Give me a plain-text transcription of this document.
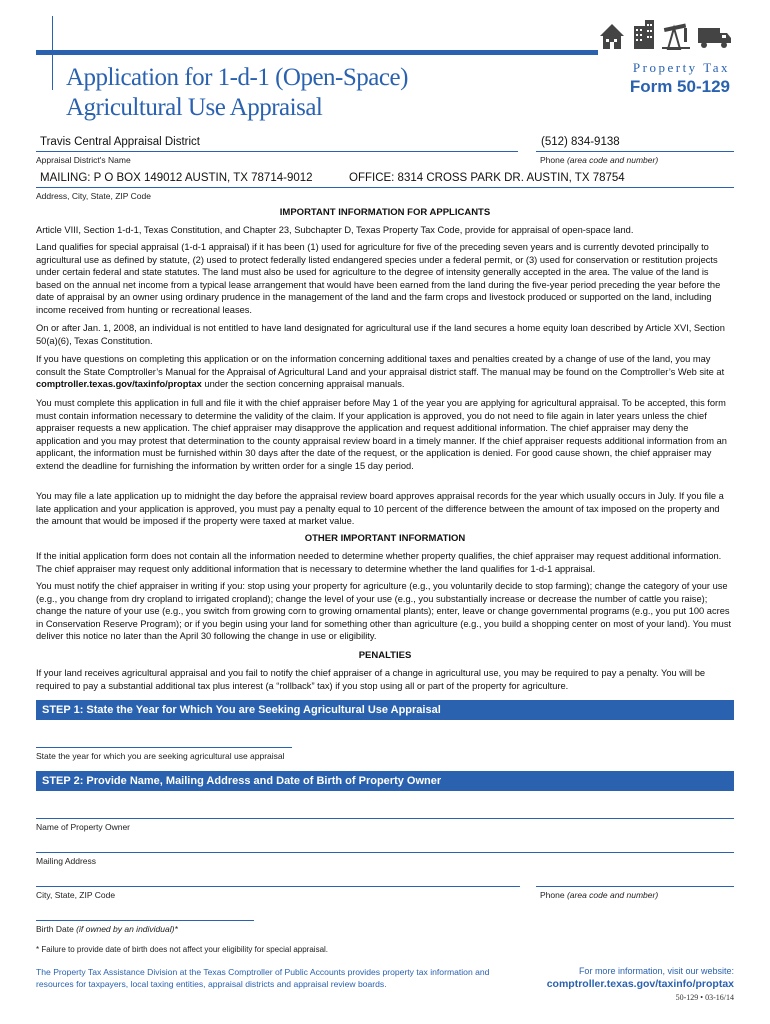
Application for 1-d-1 (Open-Space)
Agricultural Use Appraisal
Property Tax
Form 50-129
Travis Central Appraisal District
Appraisal District's Name
(512) 834-9138
Phone (area code and number)
MAILING: P O BOX 149012 AUSTIN, TX 78714-9012	OFFICE: 8314 CROSS PARK DR. AUSTIN, TX 78754
Address, City, State, ZIP Code
IMPORTANT INFORMATION FOR APPLICANTS

Article VIII, Section 1-d-1, Texas Constitution, and Chapter 23, Subchapter D, Texas Property Tax Code, provide for appraisal of open-space land.

Land qualifies for special appraisal (1-d-1 appraisal) if it has been (1) used for agriculture for five of the preceding seven years and is currently devoted principally to agricultural use as defined by statute, (2) used to protect federally listed endangered species under a federal permit, or (3) used for conservation or restitution projects under certain federal and state statutes. The land must also be used for agriculture to the degree of intensity generally accepted in the area. The value of the land is based on the annual net income from a typical lease arrangement that would have been earned from the land during the five-year period preceding the year before the date of appraisal by an owner using ordinary prudence in the management of the land and the farm crops and livestock produced or supported on the land, including income received from hunting or recreational leases.

On or after Jan. 1, 2008, an individual is not entitled to have land designated for agricultural use if the land secures a home equity loan described by Article XVI, Section 50(a)(6), Texas Constitution.

If you have questions on completing this application or on the information concerning additional taxes and penalties created by a change of use of the land, you may consult the State Comptroller’s Manual for the Appraisal of Agricultural Land and your appraisal district staff. The manual may be found on the Comptroller’s Web site at comptroller.texas.gov/taxinfo/proptax under the section concerning appraisal manuals.

You must complete this application in full and file it with the chief appraiser before May 1 of the year you are applying for agricultural appraisal. To be accepted, this form must contain information necessary to determine the validity of the claim. If your application is approved, you do not need to file again in later years unless the chief appraiser requests a new application. The chief appraiser may disapprove the application and request additional information. The chief appraiser may deny the application and you may protest that determination to the county appraisal review board in a timely manner. If the chief appraiser requests additional information from an applicant, the information must be furnished within 30 days after the date of the request, or the application is denied. For good cause shown, the chief appraiser may extend the deadline for furnishing the information by written order for a single 15 day period.

You may file a late application up to midnight the day before the appraisal review board approves appraisal records for the year which usually occurs in July. If you file a late application and your application is approved, you must pay a penalty equal to 10 percent of the difference between the amount of tax imposed on the property and the amount that would be imposed if the property were taxed at market value.

OTHER IMPORTANT INFORMATION

If the initial application form does not contain all the information needed to determine whether property qualifies, the chief appraiser may request additional information. The chief appraiser may request only additional information that is necessary to determine whether the land qualifies for 1-d-1 appraisal.

You must notify the chief appraiser in writing if you: stop using your property for agriculture (e.g., you voluntarily decide to stop farming); change the category of your use (e.g., you change from dry cropland to irrigated cropland); change the level of your use (e.g., you substantially increase or decrease the number of cattle you raise); change the nature of your use (e.g., you switch from growing corn to growing ornamental plants); enter, leave or change governmental programs (e.g., you put 100 acres in Conservation Reserve Program); or if you begin using your land for something other than agriculture (e.g., you build a shopping center on most of your land). You must deliver this notice no later than the April 30 following the change in use or eligibility.

PENALTIES

If your land receives agricultural appraisal and you fail to notify the chief appraiser of a change in agricultural use, you may be required to pay a penalty. You will be required to pay a substantial additional tax plus interest (a “rollback” tax) if you stop using all or part of the property for agriculture.

STEP 1: State the Year for Which You are Seeking Agricultural Use Appraisal
State the year for which you are seeking agricultural use appraisal
STEP 2: Provide Name, Mailing Address and Date of Birth of Property Owner
Name of Property Owner
Mailing Address
City, State, ZIP Code	Phone (area code and number)
Birth Date (if owned by an individual)*
* Failure to provide date of birth does not affect your eligibility for special appraisal.
The Property Tax Assistance Division at the Texas Comptroller of Public Accounts provides property tax information and resources for taxpayers, local taxing entities, appraisal districts and appraisal review boards.
For more information, visit our website:
comptroller.texas.gov/taxinfo/proptax
50-129 • 03-16/14
